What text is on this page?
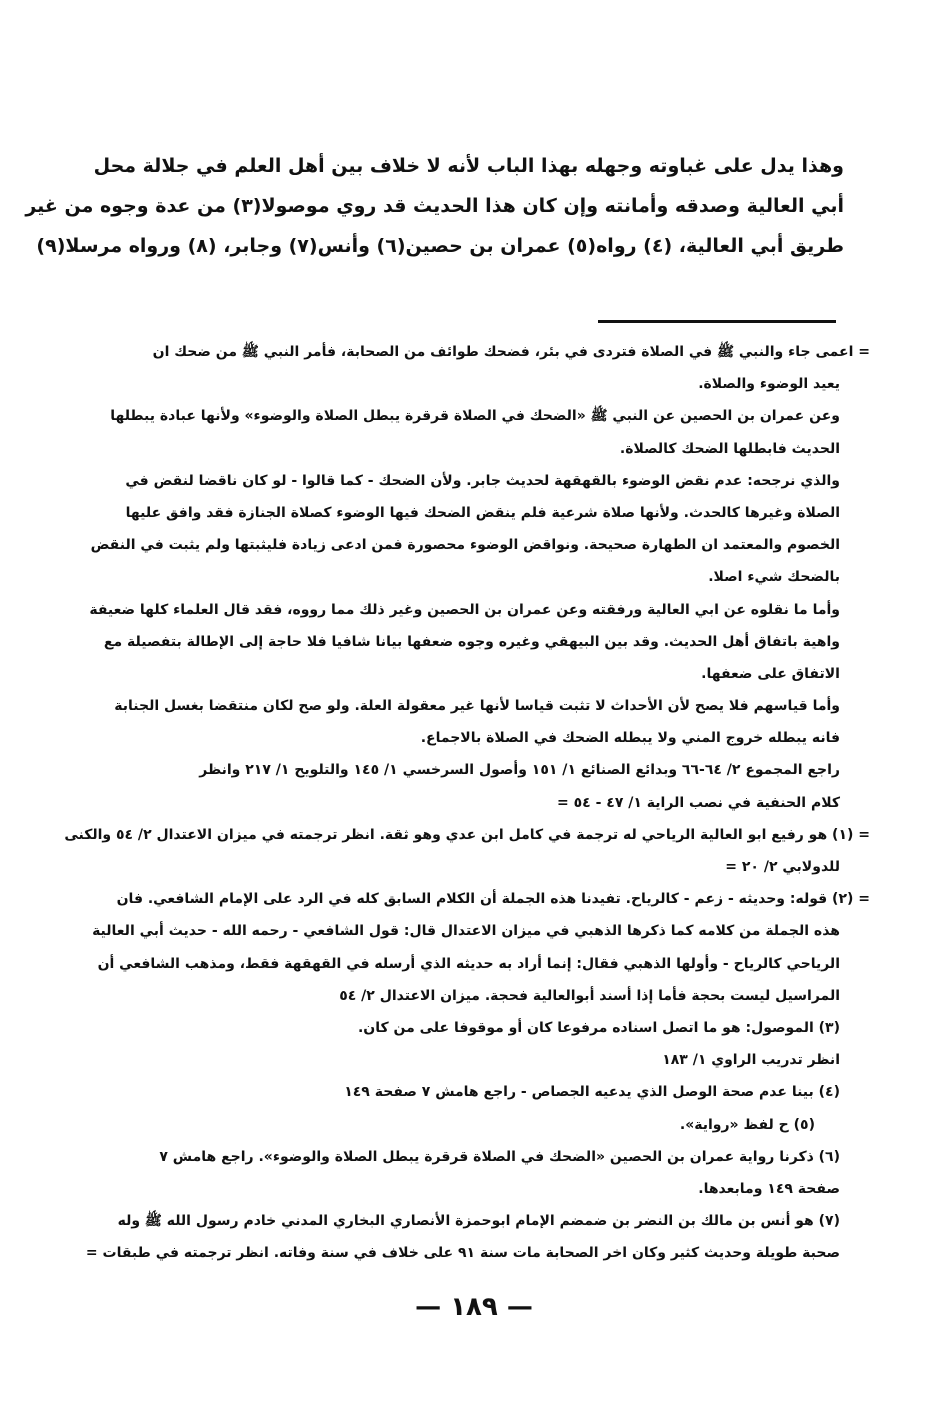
وهذا يدل على غباوته وجهله بهذا الباب لأنه لا خلاف بين أهل العلم في جلالة محل
أبي العالية وصدقه وأمانته وإن كان هذا الحديث قد روي موصولا(٣) من عدة وجوه من غير
طريق أبي العالية، (٤) رواه(٥) عمران بن حصين(٦) وأنس(٧) وجابر، (٨) ورواه مرسلا(٩)
= اعمى جاء والنبي ﷺ في الصلاة فتردى في بئر، فضحك طوائف من الصحابة، فأمر النبي ﷺ من ضحك ان
يعيد الوضوء والصلاة.
وعن عمران بن الحصين عن النبي ﷺ «الضحك في الصلاة قرقرة يبطل الصلاة والوضوء» ولأنها عبادة يبطلها
الحديث فابطلها الضحك كالصلاة.
والذي نرجحه: عدم نقض الوضوء بالقهقهة لحديث جابر. ولأن الضحك - كما قالوا - لو كان ناقضا لنقض في
الصلاة وغيرها كالحدث. ولأنها صلاة شرعية فلم ينقض الضحك فيها الوضوء كصلاة الجنازة فقد وافق عليها
الخصوم والمعتمد ان الطهارة صحيحة. ونواقض الوضوء محصورة فمن ادعى زيادة فليثبتها ولم يثبت في النقض
بالضحك شيء اصلا.
وأما ما نقلوه عن ابي العالية ورفقته وعن عمران بن الحصين وغير ذلك مما رووه، فقد قال العلماء كلها ضعيفة
واهية باتفاق أهل الحديث. وقد بين البيهقي وغيره وجوه ضعفها بيانا شافيا فلا حاجة إلى الإطالة بتفصيلة مع
الاتفاق على ضعفها.
وأما قياسهم فلا يصح لأن الأحداث لا تثبت قياسا لأنها غير معقولة العلة. ولو صح لكان منتقضا بغسل الجنابة
فانه يبطله خروج المني ولا يبطله الضحك في الصلاة بالاجماع.
راجع المجموع ٢/ ٦٤-٦٦ وبدائع الصنائع ١/ ١٥١ وأصول السرخسي ١/ ١٤٥ والتلويح ١/ ٢١٧ وانظر
كلام الحنفية في نصب الراية ١/ ٤٧ - ٥٤ =
= (١) هو رفيع ابو العالية الرياحي له ترجمة في كامل ابن عدي وهو ثقة. انظر ترجمته في ميزان الاعتدال ٢/ ٥٤ والكنى
للدولابي ٢/ ٢٠ =
= (٢) قوله: وحديثه - زعم - كالرياح. تفيدنا هذه الجملة أن الكلام السابق كله في الرد على الإمام الشافعي. فان
هذه الجملة من كلامه كما ذكرها الذهبي في ميزان الاعتدال قال: قول الشافعي - رحمه الله - حديث أبي العالية
الرياحي كالرياح - وأولها الذهبي فقال: إنما أراد به حديثه الذي أرسله في القهقهة فقط، ومذهب الشافعي أن
المراسيل ليست بحجة فأما إذا أسند أبوالعالية فحجة. ميزان الاعتدال ٢/ ٥٤
(٣) الموصول: هو ما اتصل اسناده مرفوعا كان أو موقوفا على من كان.
انظر تدريب الراوي ١/ ١٨٣
(٤) بينا عدم صحة الوصل الذي يدعيه الجصاص - راجع هامش ٧ صفحة ١٤٩
(٥) ح لفظ «رواية».
(٦) ذكرنا رواية عمران بن الحصين «الضحك في الصلاة قرقرة يبطل الصلاة والوضوء». راجع هامش ٧
صفحة ١٤٩ ومابعدها.
(٧) هو أنس بن مالك بن النضر بن ضمضم الإمام ابوحمزة الأنصاري البخاري المدني خادم رسول الله ﷺ وله
صحبة طويلة وحديث كثير وكان اخر الصحابة مات سنة ٩١ على خلاف في سنة وفاته. انظر ترجمته في طبقات =
— ١٨٩ —
